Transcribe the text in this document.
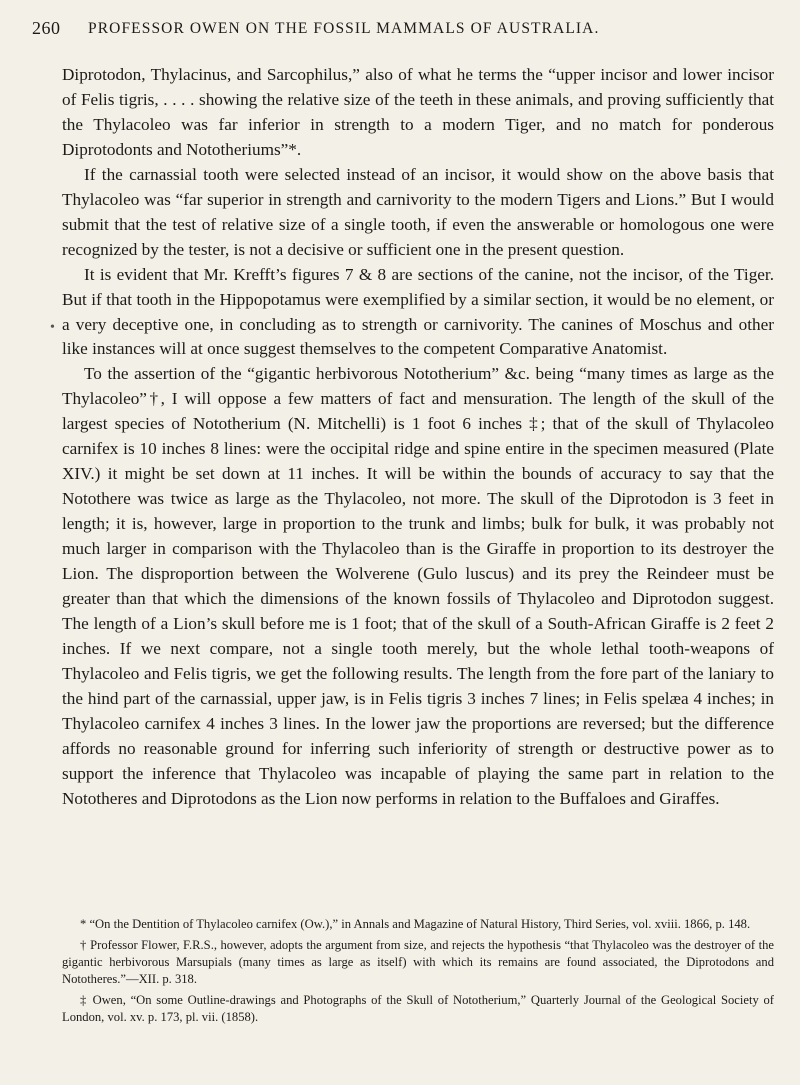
260 PROFESSOR OWEN ON THE FOSSIL MAMMALS OF AUSTRALIA.
•

Diprotodon, Thylacinus, and Sarcophilus,” also of what he terms the “upper incisor and lower incisor of Felis tigris, . . . . showing the relative size of the teeth in these animals, and proving sufficiently that the Thylacoleo was far inferior in strength to a modern Tiger, and no match for ponderous Diprotodonts and Nototheriums”*.

If the carnassial tooth were selected instead of an incisor, it would show on the above basis that Thylacoleo was “far superior in strength and carnivority to the modern Tigers and Lions.” But I would submit that the test of relative size of a single tooth, if even the answerable or homologous one were recognized by the tester, is not a decisive or sufficient one in the present question.

It is evident that Mr. Krefft’s figures 7 & 8 are sections of the canine, not the incisor, of the Tiger. But if that tooth in the Hippopotamus were exemplified by a similar section, it would be no element, or a very deceptive one, in concluding as to strength or carnivority. The canines of Moschus and other like instances will at once suggest themselves to the competent Comparative Anatomist.

To the assertion of the “gigantic herbivorous Nototherium” &c. being “many times as large as the Thylacoleo”†, I will oppose a few matters of fact and mensuration. The length of the skull of the largest species of Nototherium (N. Mitchelli) is 1 foot 6 inches ‡; that of the skull of Thylacoleo carnifex is 10 inches 8 lines: were the occipital ridge and spine entire in the specimen measured (Plate XIV.) it might be set down at 11 inches. It will be within the bounds of accuracy to say that the Notothere was twice as large as the Thylacoleo, not more. The skull of the Diprotodon is 3 feet in length; it is, however, large in proportion to the trunk and limbs; bulk for bulk, it was probably not much larger in comparison with the Thylacoleo than is the Giraffe in proportion to its destroyer the Lion. The disproportion between the Wolverene (Gulo luscus) and its prey the Reindeer must be greater than that which the dimensions of the known fossils of Thylacoleo and Diprotodon suggest. The length of a Lion’s skull before me is 1 foot; that of the skull of a South-African Giraffe is 2 feet 2 inches. If we next compare, not a single tooth merely, but the whole lethal tooth-weapons of Thylacoleo and Felis tigris, we get the following results. The length from the fore part of the laniary to the hind part of the carnassial, upper jaw, is in Felis tigris 3 inches 7 lines; in Felis spelæa 4 inches; in Thylacoleo carnifex 4 inches 3 lines. In the lower jaw the proportions are reversed; but the difference affords no reasonable ground for inferring such inferiority of strength or destructive power as to support the inference that Thylacoleo was incapable of playing the same part in relation to the Nototheres and Diprotodons as the Lion now performs in relation to the Buffaloes and Giraffes.

* “On the Dentition of Thylacoleo carnifex (Ow.),” in Annals and Magazine of Natural History, Third Series, vol. xviii. 1866, p. 148.

† Professor Flower, F.R.S., however, adopts the argument from size, and rejects the hypothesis “that Thylacoleo was the destroyer of the gigantic herbivorous Marsupials (many times as large as itself) with which its remains are found associated, the Diprotodons and Nototheres.”—XII. p. 318.

‡ Owen, “On some Outline-drawings and Photographs of the Skull of Nototherium,” Quarterly Journal of the Geological Society of London, vol. xv. p. 173, pl. vii. (1858).
